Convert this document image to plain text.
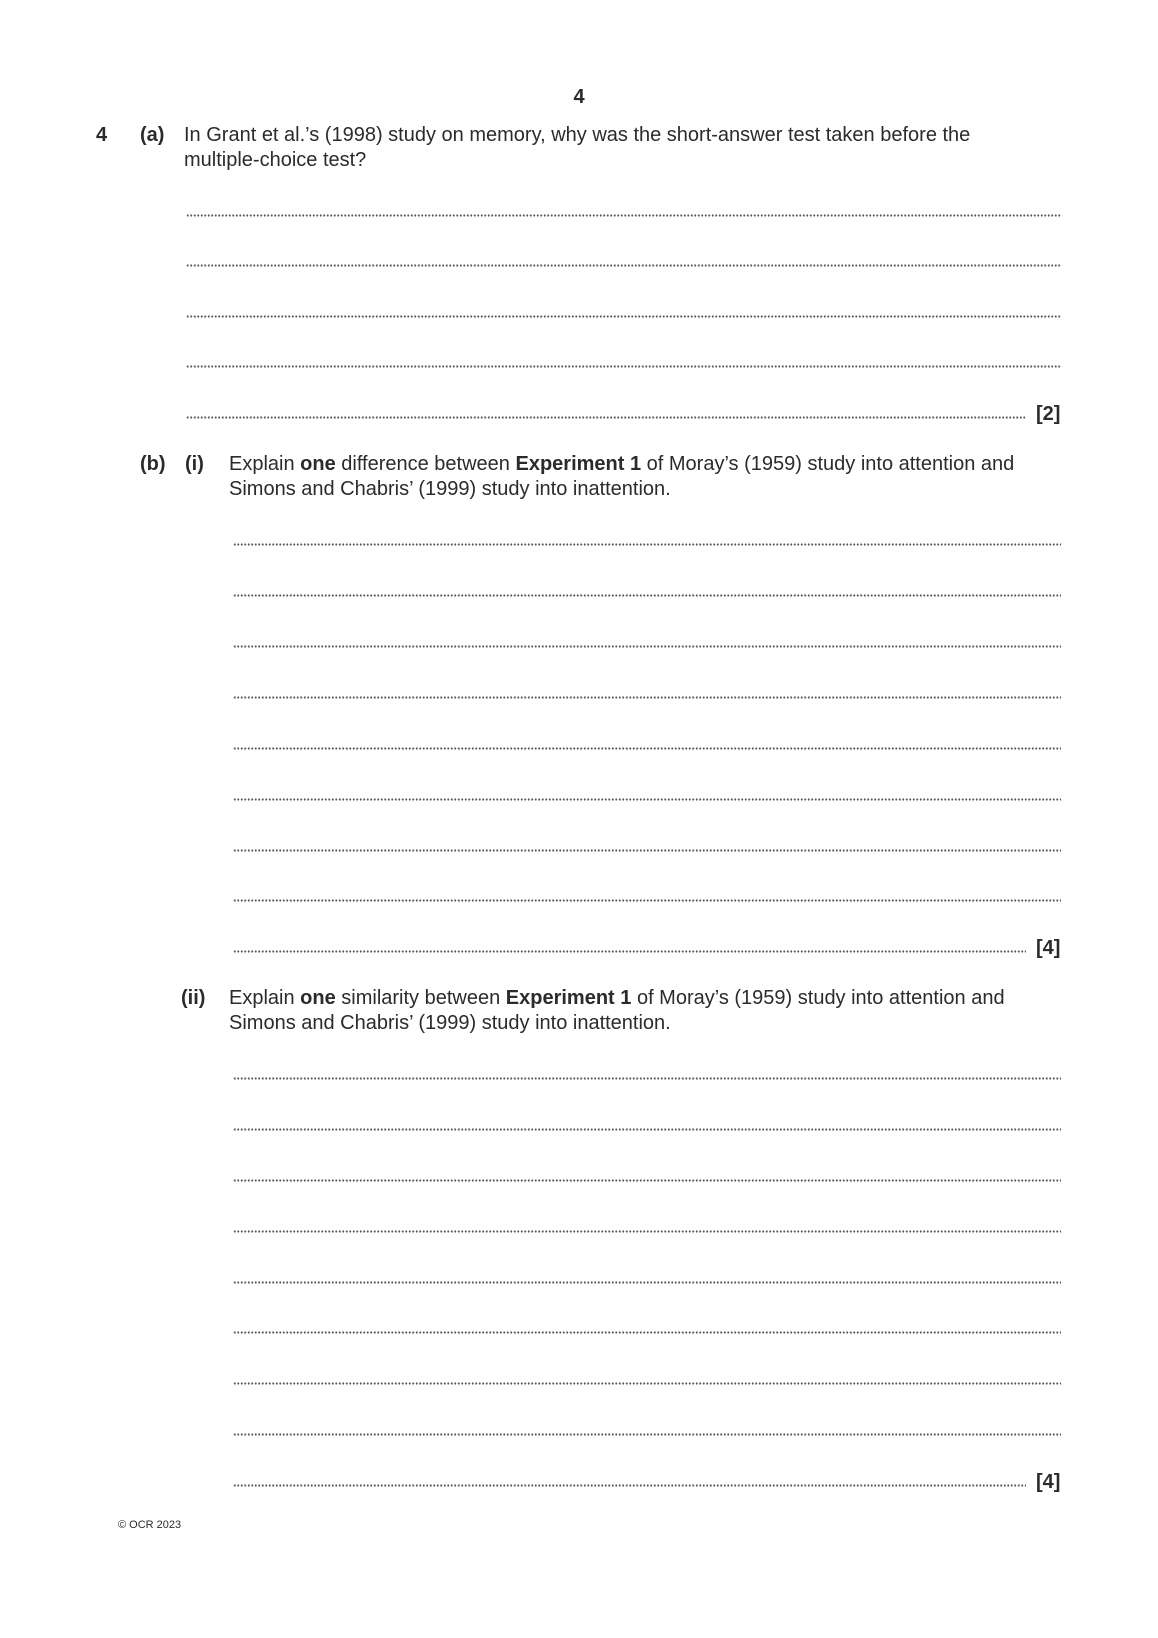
4
4 (a) In Grant et al.’s (1998) study on memory, why was the short-answer test taken before the multiple-choice test?
[2]
(b) (i) Explain one difference between Experiment 1 of Moray’s (1959) study into attention and Simons and Chabris’ (1999) study into inattention.
[4]
(ii) Explain one similarity between Experiment 1 of Moray’s (1959) study into attention and Simons and Chabris’ (1999) study into inattention.
[4]
© OCR 2023
